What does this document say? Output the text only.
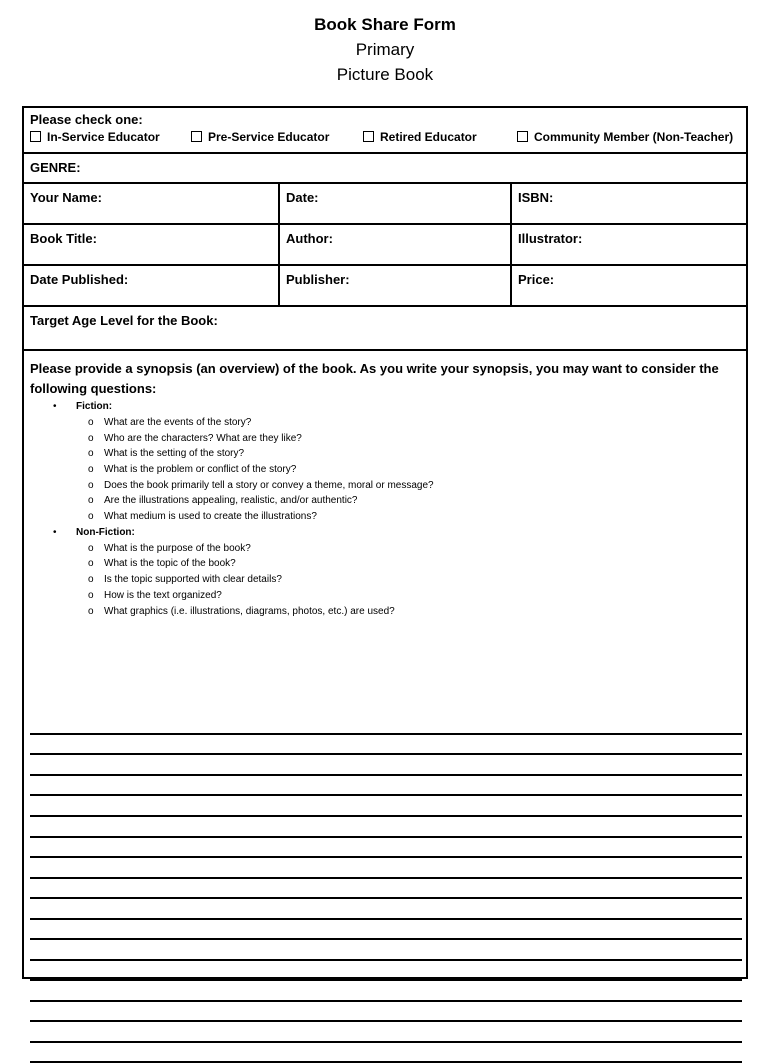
Book Share Form
Primary
Picture Book
Please check one:
In-Service Educator	Pre-Service Educator	Retired Educator	Community Member (Non-Teacher)
GENRE:
Your Name:	Date:	ISBN:
Book Title:	Author:	Illustrator:
Date Published:	Publisher:	Price:
Target Age Level for the Book:
Please provide a synopsis (an overview) of the book. As you write your synopsis, you may want to consider the following questions:
• Fiction:
o What are the events of the story?
o Who are the characters? What are they like?
o What is the setting of the story?
o What is the problem or conflict of the story?
o Does the book primarily tell a story or convey a theme, moral or message?
o Are the illustrations appealing, realistic, and/or authentic?
o What medium is used to create the illustrations?
• Non-Fiction:
o What is the purpose of the book?
o What is the topic of the book?
o Is the topic supported with clear details?
o How is the text organized?
o What graphics (i.e. illustrations, diagrams, photos, etc.) are used?
